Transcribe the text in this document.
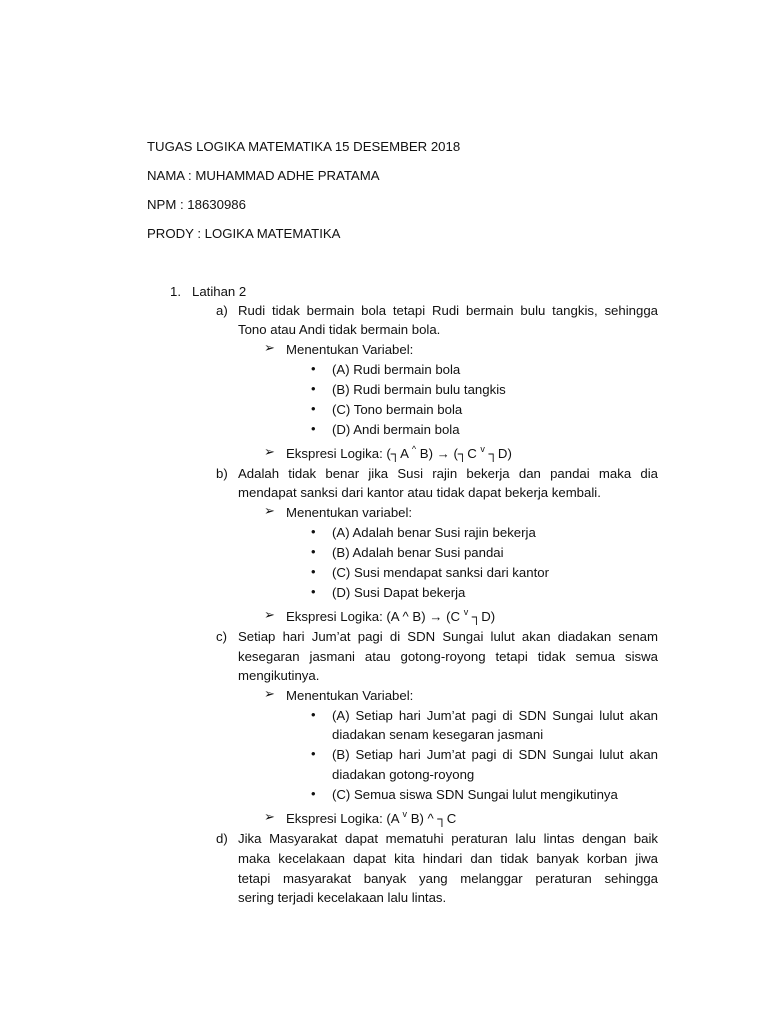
TUGAS LOGIKA MATEMATIKA 15 DESEMBER 2018
NAMA : MUHAMMAD ADHE PRATAMA
NPM : 18630986
PRODY : LOGIKA MATEMATIKA
1. Latihan 2
a) Rudi tidak bermain bola tetapi Rudi bermain bulu tangkis, sehingga
Tono atau Andi tidak bermain bola.
➢ Menentukan Variabel:
• (A) Rudi bermain bola
• (B) Rudi bermain bulu tangkis
• (C) Tono bermain bola
• (D) Andi bermain bola
➢ Ekspresi Logika: (┐A ^ B) → (┐C $^v$ ┐D)
b) Adalah tidak benar jika Susi rajin bekerja dan pandai maka dia
mendapat sanksi dari kantor atau tidak dapat bekerja kembali.
➢ Menentukan variabel:
• (A) Adalah benar Susi rajin bekerja
• (B) Adalah benar Susi pandai
• (C) Susi mendapat sanksi dari kantor
• (D) Susi Dapat bekerja
➢ Ekspresi Logika: (A ^ B) → (C $^v$ ┐D)
c) Setiap hari Jum’at pagi di SDN Sungai lulut akan diadakan senam
kesegaran jasmani atau gotong-royong tetapi tidak semua siswa
mengikutinya.
➢ Menentukan Variabel:
• (A) Setiap hari Jum’at pagi di SDN Sungai lulut akan
diadakan senam kesegaran jasmani
• (B) Setiap hari Jum’at pagi di SDN Sungai lulut akan
diadakan gotong-royong
• (C) Semua siswa SDN Sungai lulut mengikutinya
➢ Ekspresi Logika: (A $^v$ B) ^ ┐C
d) Jika Masyarakat dapat mematuhi peraturan lalu lintas dengan baik
maka kecelakaan dapat kita hindari dan tidak banyak korban jiwa
tetapi masyarakat banyak yang melanggar peraturan sehingga
sering terjadi kecelakaan lalu lintas.
